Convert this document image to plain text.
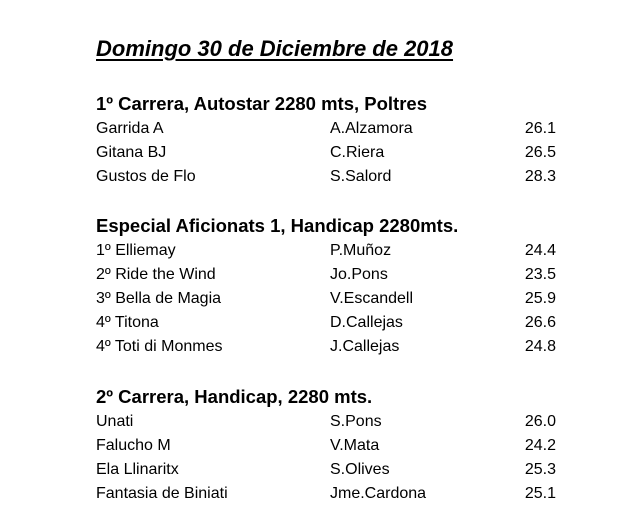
Domingo 30 de Diciembre de 2018
1º Carrera, Autostar 2280 mts, Poltres
Garrida A	A.Alzamora	26.1
Gitana BJ	C.Riera	26.5
Gustos de Flo	S.Salord	28.3
Especial Aficionats 1, Handicap 2280mts.
1º Elliemay	P.Muñoz	24.4
2º Ride the Wind	Jo.Pons	23.5
3º Bella de Magia	V.Escandell	25.9
4º Titona	D.Callejas	26.6
4º Toti di Monmes	J.Callejas	24.8
2º Carrera, Handicap, 2280 mts.
Unati	S.Pons	26.0
Falucho M	V.Mata	24.2
Ela Llinaritx	S.Olives	25.3
Fantasia de Biniati	Jme.Cardona	25.1
